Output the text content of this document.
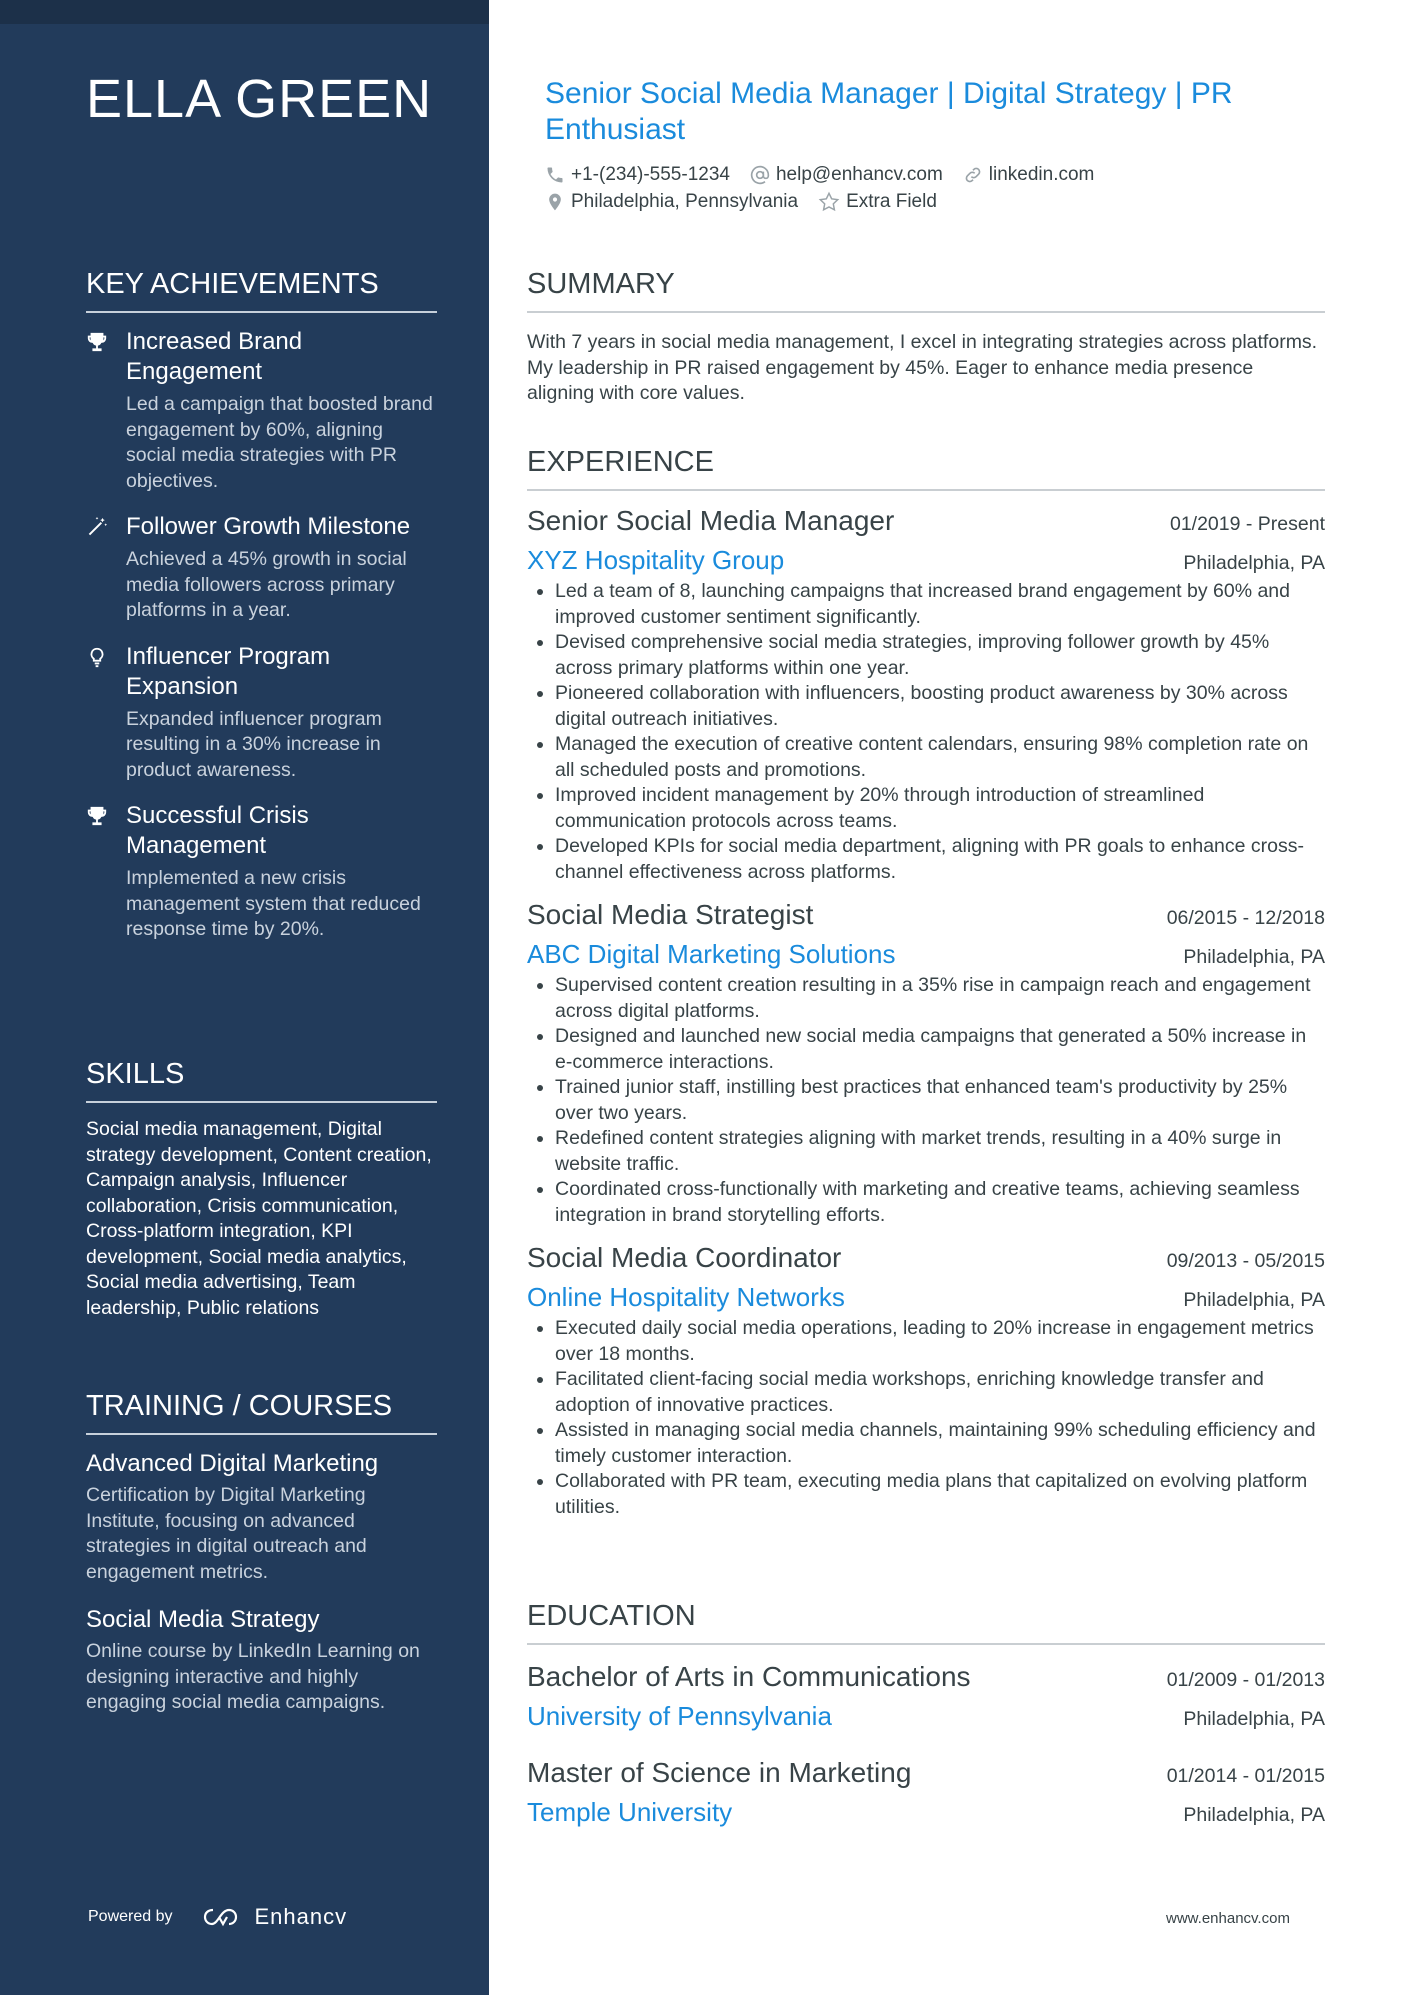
ELLA GREEN
KEY ACHIEVEMENTS
Increased Brand Engagement
Led a campaign that boosted brand engagement by 60%, aligning social media strategies with PR objectives.
Follower Growth Milestone
Achieved a 45% growth in social media followers across primary platforms in a year.
Influencer Program Expansion
Expanded influencer program resulting in a 30% increase in product awareness.
Successful Crisis Management
Implemented a new crisis management system that reduced response time by 20%.
SKILLS
Social media management, Digital strategy development, Content creation, Campaign analysis, Influencer collaboration, Crisis communication, Cross-platform integration, KPI development, Social media analytics, Social media advertising, Team leadership, Public relations
TRAINING / COURSES
Advanced Digital Marketing
Certification by Digital Marketing Institute, focusing on advanced strategies in digital outreach and engagement metrics.
Social Media Strategy
Online course by LinkedIn Learning on designing interactive and highly engaging social media campaigns.
Powered by	Enhancv
Senior Social Media Manager | Digital Strategy | PR Enthusiast
+1-(234)-555-1234 help@enhancv.com linkedin.com
Philadelphia, Pennsylvania	Extra Field
SUMMARY
With 7 years in social media management, I excel in integrating strategies across platforms. My leadership in PR raised engagement by 45%. Eager to enhance media presence aligning with core values.
EXPERIENCE
Senior Social Media Manager	01/2019 - Present
XYZ Hospitality Group	Philadelphia, PA
• Led a team of 8, launching campaigns that increased brand engagement by 60% and improved customer sentiment significantly.
• Devised comprehensive social media strategies, improving follower growth by 45% across primary platforms within one year.
• Pioneered collaboration with influencers, boosting product awareness by 30% across digital outreach initiatives.
• Managed the execution of creative content calendars, ensuring 98% completion rate on all scheduled posts and promotions.
• Improved incident management by 20% through introduction of streamlined communication protocols across teams.
• Developed KPIs for social media department, aligning with PR goals to enhance cross-channel effectiveness across platforms.
Social Media Strategist	06/2015 - 12/2018
ABC Digital Marketing Solutions	Philadelphia, PA
• Supervised content creation resulting in a 35% rise in campaign reach and engagement across digital platforms.
• Designed and launched new social media campaigns that generated a 50% increase in e-commerce interactions.
• Trained junior staff, instilling best practices that enhanced team's productivity by 25% over two years.
• Redefined content strategies aligning with market trends, resulting in a 40% surge in website traffic.
• Coordinated cross-functionally with marketing and creative teams, achieving seamless integration in brand storytelling efforts.
Social Media Coordinator	09/2013 - 05/2015
Online Hospitality Networks	Philadelphia, PA
• Executed daily social media operations, leading to 20% increase in engagement metrics over 18 months.
• Facilitated client-facing social media workshops, enriching knowledge transfer and adoption of innovative practices.
• Assisted in managing social media channels, maintaining 99% scheduling efficiency and timely customer interaction.
• Collaborated with PR team, executing media plans that capitalized on evolving platform utilities.
EDUCATION
Bachelor of Arts in Communications	01/2009 - 01/2013
University of Pennsylvania	Philadelphia, PA
Master of Science in Marketing	01/2014 - 01/2015
Temple University	Philadelphia, PA
www.enhancv.com
